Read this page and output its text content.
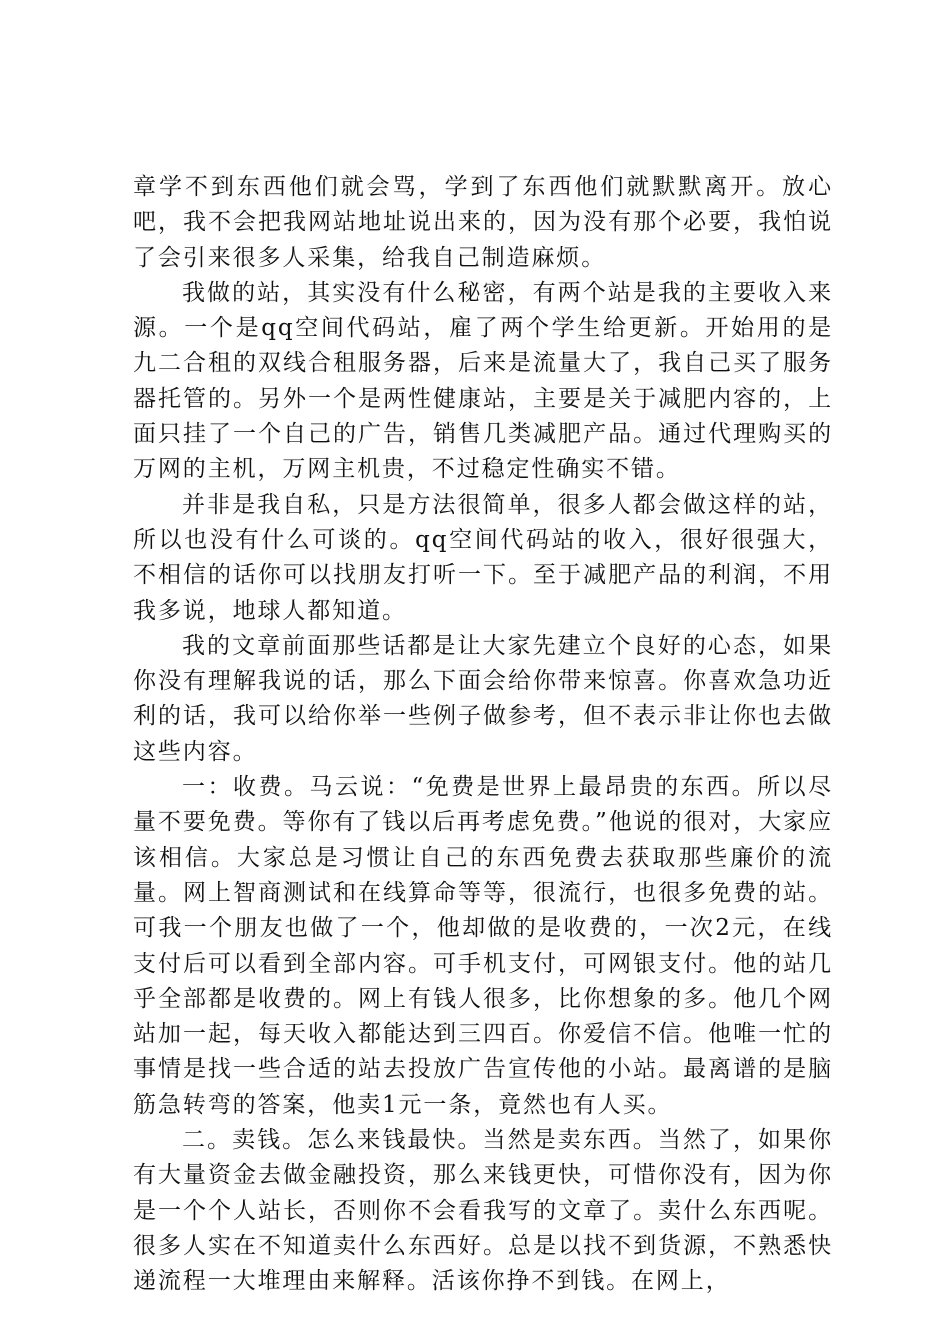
章学不到东西他们就会骂，学到了东西他们就默默离开。放心吧，我不会把我网站地址说出来的，因为没有那个必要，我怕说了会引来很多人采集，给我自己制造麻烦。

我做的站，其实没有什么秘密，有两个站是我的主要收入来源。一个是qq空间代码站，雇了两个学生给更新。开始用的是九二合租的双线合租服务器，后来是流量大了，我自己买了服务器托管的。另外一个是两性健康站，主要是关于减肥内容的，上面只挂了一个自己的广告，销售几类减肥产品。通过代理购买的万网的主机，万网主机贵，不过稳定性确实不错。

并非是我自私，只是方法很简单，很多人都会做这样的站，所以也没有什么可谈的。qq空间代码站的收入，很好很强大，不相信的话你可以找朋友打听一下。至于减肥产品的利润，不用我多说，地球人都知道。

我的文章前面那些话都是让大家先建立个良好的心态，如果你没有理解我说的话，那么下面会给你带来惊喜。你喜欢急功近利的话，我可以给你举一些例子做参考，但不表示非让你也去做这些内容。

一：收费。马云说：“免费是世界上最昂贵的东西。所以尽量不要免费。等你有了钱以后再考虑免费。”他说的很对，大家应该相信。大家总是习惯让自己的东西免费去获取那些廉价的流量。网上智商测试和在线算命等等，很流行，也很多免费的站。可我一个朋友也做了一个，他却做的是收费的，一次2元，在线支付后可以看到全部内容。可手机支付，可网银支付。他的站几乎全部都是收费的。网上有钱人很多，比你想象的多。他几个网站加一起，每天收入都能达到三四百。你爱信不信。他唯一忙的事情是找一些合适的站去投放广告宣传他的小站。最离谱的是脑筋急转弯的答案，他卖1元一条，竟然也有人买。

二。卖钱。怎么来钱最快。当然是卖东西。当然了，如果你有大量资金去做金融投资，那么来钱更快，可惜你没有，因为你是一个个人站长，否则你不会看我写的文章了。卖什么东西呢。很多人实在不知道卖什么东西好。总是以找不到货源，不熟悉快递流程一大堆理由来解释。活该你挣不到钱。在网上，
